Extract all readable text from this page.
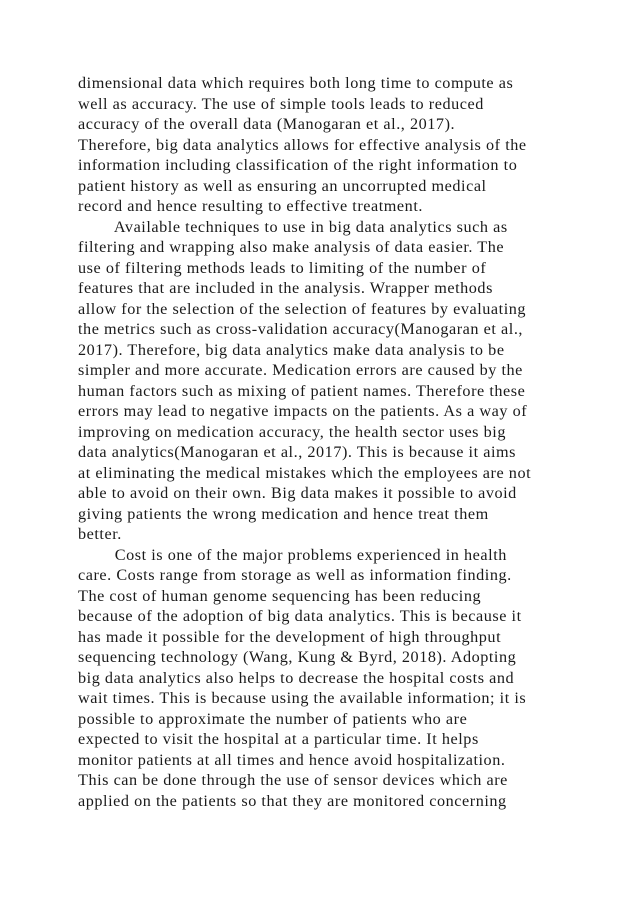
dimensional data which requires both long time to compute as
well as accuracy. The use of simple tools leads to reduced
accuracy of the overall data (Manogaran et al., 2017).
Therefore, big data analytics allows for effective analysis of the
information including classification of the right information to
patient history as well as ensuring an uncorrupted medical
record and hence resulting to effective treatment.
Available techniques to use in big data analytics such as
filtering and wrapping also make analysis of data easier. The
use of filtering methods leads to limiting of the number of
features that are included in the analysis. Wrapper methods
allow for the selection of the selection of features by evaluating
the metrics such as cross-validation accuracy(Manogaran et al.,
2017). Therefore, big data analytics make data analysis to be
simpler and more accurate. Medication errors are caused by the
human factors such as mixing of patient names. Therefore these
errors may lead to negative impacts on the patients. As a way of
improving on medication accuracy, the health sector uses big
data analytics(Manogaran et al., 2017). This is because it aims
at eliminating the medical mistakes which the employees are not
able to avoid on their own. Big data makes it possible to avoid
giving patients the wrong medication and hence treat them
better.
Cost is one of the major problems experienced in health
care. Costs range from storage as well as information finding.
The cost of human genome sequencing has been reducing
because of the adoption of big data analytics. This is because it
has made it possible for the development of high throughput
sequencing technology (Wang, Kung & Byrd, 2018). Adopting
big data analytics also helps to decrease the hospital costs and
wait times. This is because using the available information; it is
possible to approximate the number of patients who are
expected to visit the hospital at a particular time. It helps
monitor patients at all times and hence avoid hospitalization.
This can be done through the use of sensor devices which are
applied on the patients so that they are monitored concerning
